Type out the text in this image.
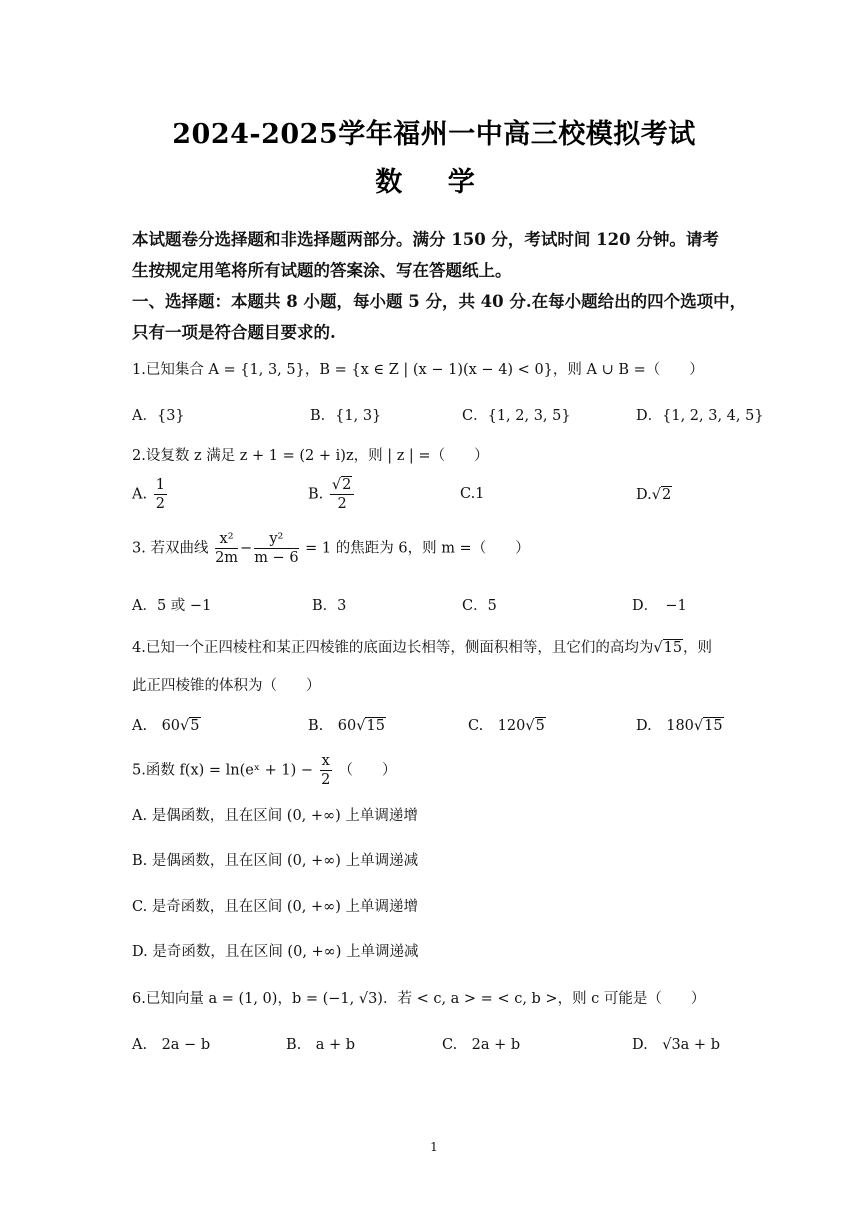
2024-2025学年福州一中高三校模拟考试
数 学
本试题卷分选择题和非选择题两部分。满分 150 分，考试时间 120 分钟。请考
生按规定用笔将所有试题的答案涂、写在答题纸上。
一、选择题：本题共 8 小题，每小题 5 分，共 40 分.在每小题给出的四个选项中，
只有一项是符合题目要求的.
1.已知集合 A = {1, 3, 5}，B = {x ∈ Z | (x − 1)(x − 4) < 0}，则 A ∪ B =（　　）
A．{3}	B．{1, 3}	C．{1, 2, 3, 5}	D．{1, 2, 3, 4, 5}
2.设复数 z 满足 z + 1 = (2 + i)z，则 | z | =（　　）
A. $\frac{1}{2}$	B. $\frac{√2}{2}$	C.1	D.√2
3. 若双曲线 $\frac{\text{x²}}{2m} - \frac{\text{y²}}{m - 6} = 1$ 的焦距为 6，则 m =（　　）
A．5 或 −1	B．3	C．5	D．　−1
4.已知一个正四棱柱和某正四棱锥的底面边长相等，侧面积相等，且它们的高均为√15，则
此正四棱锥的体积为（　　）
A.　60√5	B.　60√15	C.　120√5	D.　180√15
5.函数 f(x) = ln(eˣ + $1) - \frac{x}{2}$ （　　）
A. 是偶函数，且在区间 (0, +∞) 上单调递增
B. 是偶函数，且在区间 (0, +∞) 上单调递减
C. 是奇函数，且在区间 (0, +∞) 上单调递增
D. 是奇函数，且在区间 (0, +∞) 上单调递减
6.已知向量 a = (1, 0)，b = (−1, √3)．若 < c, a > = < c, b >，则 c 可能是（　　）
A.　2a − b	B.　a + b	C.　2a + b	D.　√3a + b
1
